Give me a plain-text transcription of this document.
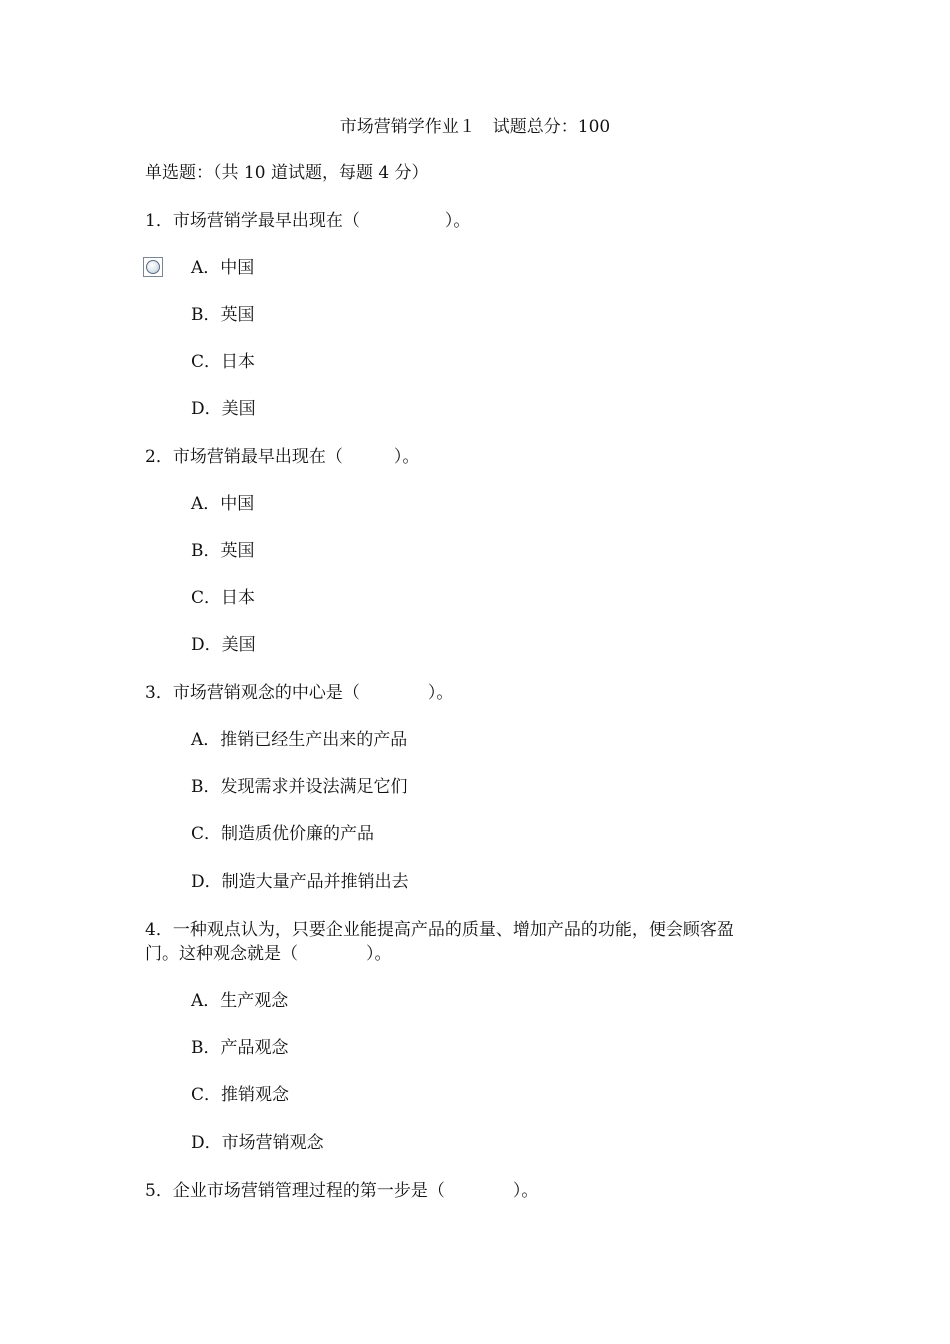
市场营销学作业１　试题总分：100
单选题：（共 10 道试题，每题 4 分）
1．市场营销学最早出现在（　　　　　）。
A．中国
B．英国
C．日本
D．美国
2．市场营销最早出现在（　　　）。
A．中国
B．英国
C．日本
D．美国
3．市场营销观念的中心是（　　　　）。
A．推销已经生产出来的产品
B．发现需求并设法满足它们
C．制造质优价廉的产品
D．制造大量产品并推销出去
4．一种观点认为，只要企业能提高产品的质量、增加产品的功能，便会顾客盈
门。这种观念就是（　　　　）。
A．生产观念
B．产品观念
C．推销观念
D．市场营销观念
5．企业市场营销管理过程的第一步是（　　　　）。
